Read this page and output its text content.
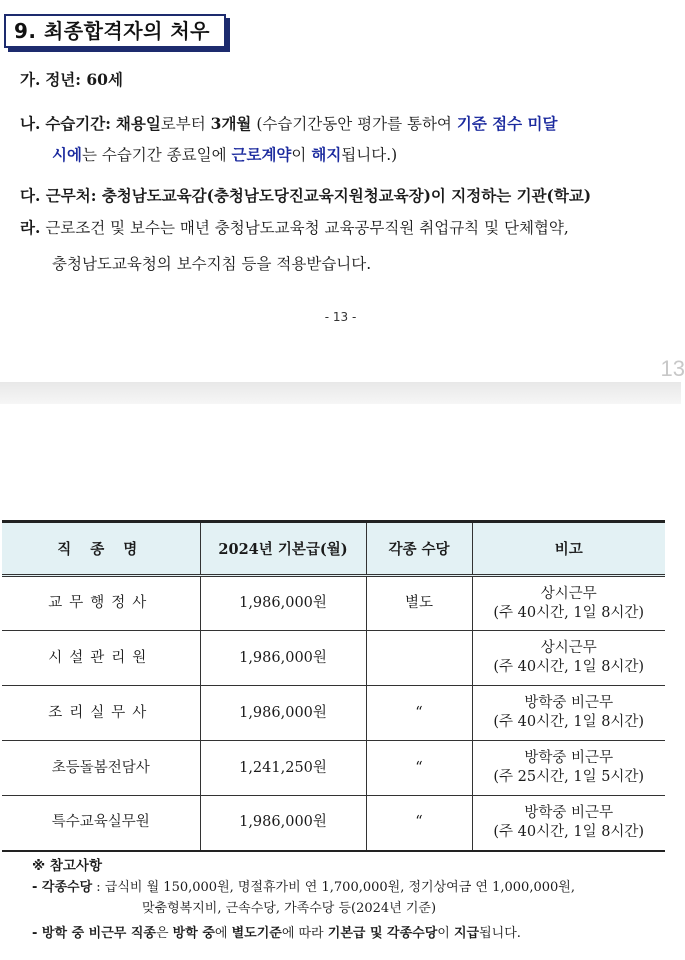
9. 최종합격자의 처우
가. 정년: 60세
나. 수습기간: 채용일로부터 3개월 (수습기간동안 평가를 통하여 기준 점수 미달
시에는 수습기간 종료일에 근로계약이 해지됩니다.)
다. 근무처: 충청남도교육감(충청남도당진교육지원청교육장)이 지정하는 기관(학교)
라. 근로조건 및 보수는 매년 충청남도교육청 교육공무직원 취업규칙 및 단체협약,
충청남도교육청의 보수지침 등을 적용받습니다.
- 13 -
13
직 종 명	2024년 기본급(월)	각종 수당	비고
교무행정사	1,986,000원	별도	상시근무
(주 40시간, 1일 8시간)

시설관리원	1,986,000원		상시근무
(주 40시간, 1일 8시간)

조리실무사	1,986,000원	“	방학중 비근무
(주 40시간, 1일 8시간)

초등돌봄전담사	1,241,250원	“	방학중 비근무
(주 25시간, 1일 5시간)

특수교육실무원	1,986,000원	“	방학중 비근무
(주 40시간, 1일 8시간)
※ 참고사항
- 각종수당 : 급식비 월 150,000원, 명절휴가비 연 1,700,000원, 정기상여금 연 1,000,000원,
맞춤형복지비, 근속수당, 가족수당 등(2024년 기준)
- 방학 중 비근무 직종은 방학 중에 별도기준에 따라 기본급 및 각종수당이 지급됩니다.
